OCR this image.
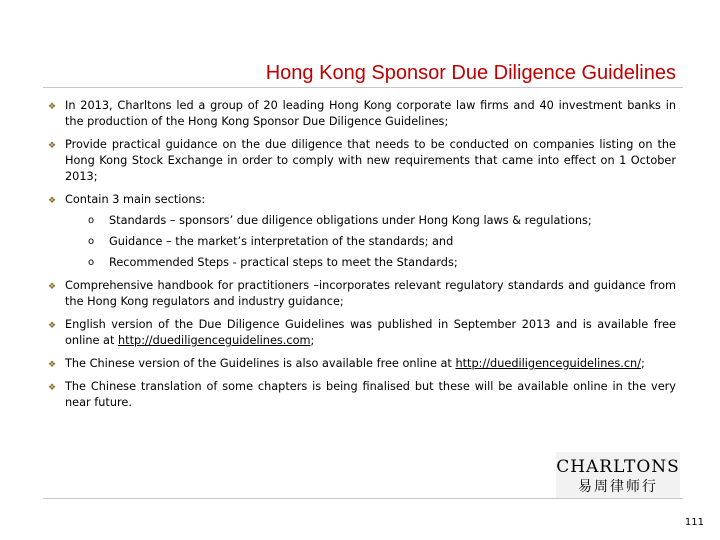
Hong Kong Sponsor Due Diligence Guidelines
❖ In 2013, Charltons led a group of 20 leading Hong Kong corporate law firms and 40 investment banks in the production of the Hong Kong Sponsor Due Diligence Guidelines;
❖ Provide practical guidance on the due diligence that needs to be conducted on companies listing on the Hong Kong Stock Exchange in order to comply with new requirements that came into effect on 1 October 2013;
❖ Contain 3 main sections:
o Standards – sponsors’ due diligence obligations under Hong Kong laws & regulations;
o Guidance – the market’s interpretation of the standards; and
o Recommended Steps - practical steps to meet the Standards;
❖ Comprehensive handbook for practitioners –incorporates relevant regulatory standards and guidance from the Hong Kong regulators and industry guidance;
❖ English version of the Due Diligence Guidelines was published in September 2013 and is available free online at http://duediligenceguidelines.com;
❖ The Chinese version of the Guidelines is also available free online at http://duediligenceguidelines.cn/;
❖ The Chinese translation of some chapters is being finalised but these will be available online in the very near future.
CHARLTONS
易周律师行
111
